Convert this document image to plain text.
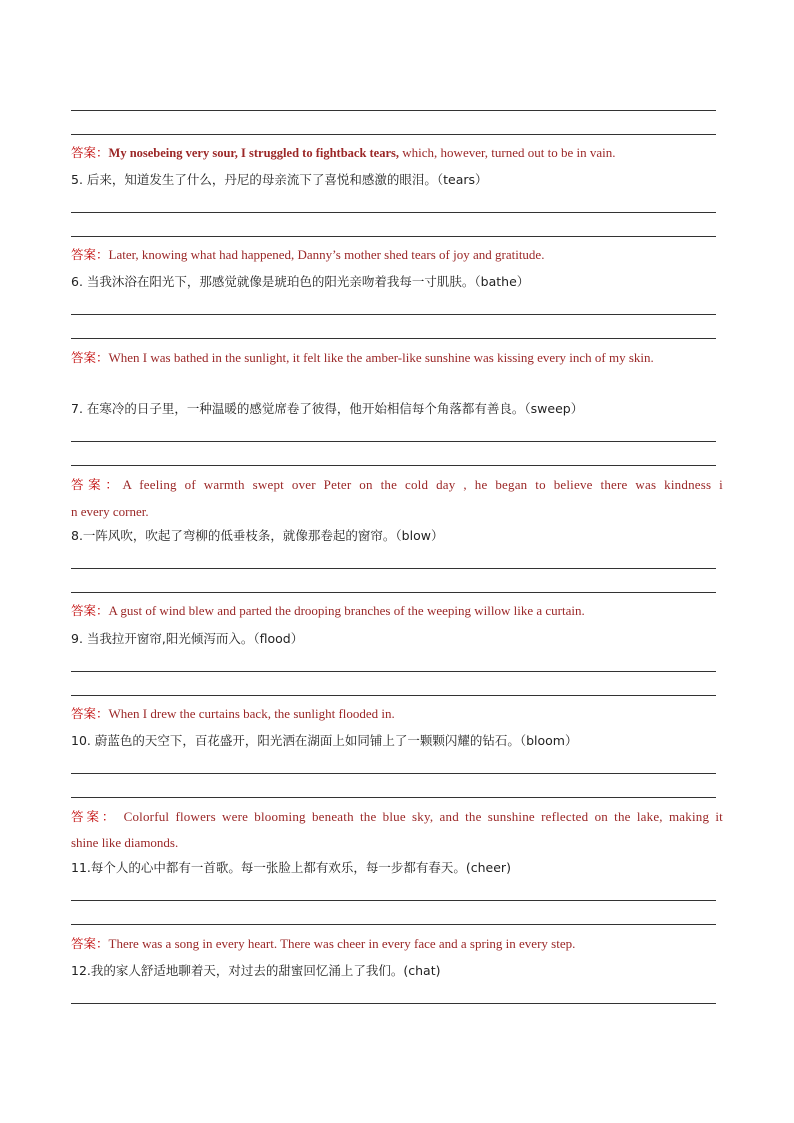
答案：My nosebeing very sour, I struggled to fightback tears, which, however, turned out to be in vain.
5. 后来，知道发生了什么，丹尼的母亲流下了喜悦和感激的眼泪。（tears）
答案：Later, knowing what had happened, Danny’s mother shed tears of joy and gratitude.
6. 当我沐浴在阳光下，那感觉就像是琥珀色的阳光亲吻着我每一寸肌肤。（bathe）
答案：When I was bathed in the sunlight, it felt like the amber-like sunshine was kissing every inch of my skin.
7. 在寒冷的日子里，一种温暖的感觉席卷了彼得，他开始相信每个角落都有善良。（sweep）
答案：A feeling of warmth swept over Peter on the cold day , he began to believe there was kindness i
n every corner.
8.一阵风吹，吹起了弯柳的低垂枝条，就像那卷起的窗帘。（blow）
答案：A gust of wind blew and parted the drooping branches of the weeping willow like a curtain.
9. 当我拉开窗帘,阳光倾泻而入。（flood）
答案：When I drew the curtains back, the sunlight flooded in.
10. 蔚蓝色的天空下，百花盛开，阳光洒在湖面上如同铺上了一颗颗闪耀的钻石。（bloom）
答案： Colorful flowers were blooming beneath the blue sky, and the sunshine reflected on the lake, making it
shine like diamonds.
11.每个人的心中都有一首歌。每一张脸上都有欢乐，每一步都有春天。(cheer)
答案：There was a song in every heart. There was cheer in every face and a spring in every step.
12.我的家人舒适地聊着天，对过去的甜蜜回忆涌上了我们。(chat)
